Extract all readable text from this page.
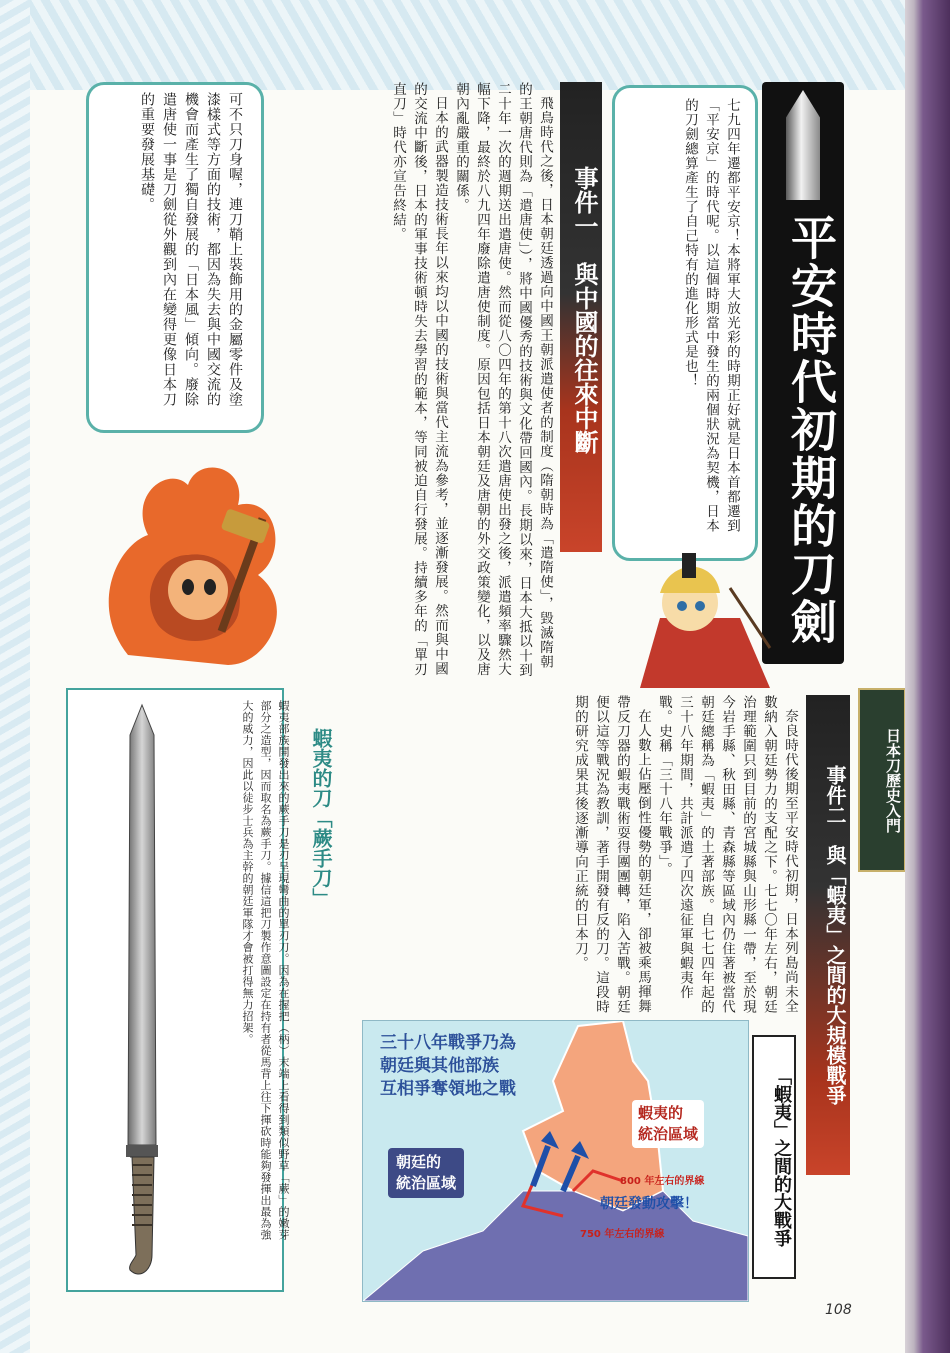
平安時代初期的刀劍
七九四年遷都平安京！本將軍大放光彩的時期正好就是日本首都遷到「平安京」的時代呢。以這個時期當中發生的兩個狀況為契機，日本的刀劍總算產生了自己特有的進化形式是也！
事件一　與中國的往來中斷

飛鳥時代之後，日本朝廷透過向中國王朝派遣使者的制度（隋朝時為「遣隋使」，毀滅隋朝的王朝唐代則為「遣唐使」），將中國優秀的技術與文化帶回國內。長期以來，日本大抵以十到二十年一次的週期送出遣唐使。然而從八〇四年的第十八次遣唐使出發之後，派遣頻率驟然大幅下降，最終於八九四年廢除遣唐使制度。原因包括日本朝廷及唐朝的外交政策變化，以及唐朝內亂嚴重的關係。

日本的武器製造技術長年以來均以中國的技術與當代主流為參考，並逐漸發展。然而與中國的交流中斷後，日本的軍事技術頓時失去學習的範本，等同被迫自行發展。持續多年的「單刃直刀」時代亦宣告終結。

可不只刀身喔，連刀鞘上裝飾用的金屬零件及塗漆樣式等方面的技術，都因為失去與中國交流的機會而產生了獨自發展的「日本風」傾向。廢除遣唐使一事是刀劍從外觀到內在變得更像日本刀的重要發展基礎。
蝦夷的刀「蕨手刀」
蝦夷部族開發出來的蕨手刀是刃呈現彎曲的單刃刀。因為在握把（柄）末端上看得到類似野草「蕨」的嫩芽部分之造型，因而取名為蕨手刀。據信這把刀製作意圖設定在持有者從馬背上往下揮砍時能夠發揮出最為強大的威力，因此以徒步士兵為主幹的朝廷軍隊才會被打得無力招架。	事件二　與「蝦夷」之間的大規模戰爭

奈良時代後期至平安時代初期，日本列島尚未全數納入朝廷勢力的支配之下。七七〇年左右，朝廷治理範圍只到目前的宮城縣與山形縣一帶，至於現今岩手縣、秋田縣、青森縣等區域內仍住著被當代朝廷總稱為「蝦夷」的土著部族。自七七四年起的三十八年期間，共計派遣了四次遠征軍與蝦夷作戰。史稱「三十八年戰爭」。

在人數上佔壓倒性優勢的朝廷軍，卻被乘馬揮舞帶反刀器的蝦夷戰術耍得團團轉，陷入苦戰。朝廷便以這等戰況為教訓，著手開發有反的刀。這段時期的研究成果其後逐漸導向正統的日本刀。

「蝦夷」之間的大戰爭
三十八年戰爭乃為
朝廷與其他部族
互相爭奪領地之戰
蝦夷的
統治區域
朝廷的
統治區域	800 年左右的界線
750 年左右的界線
朝廷發動攻擊！
108
日本刀歷史入門
